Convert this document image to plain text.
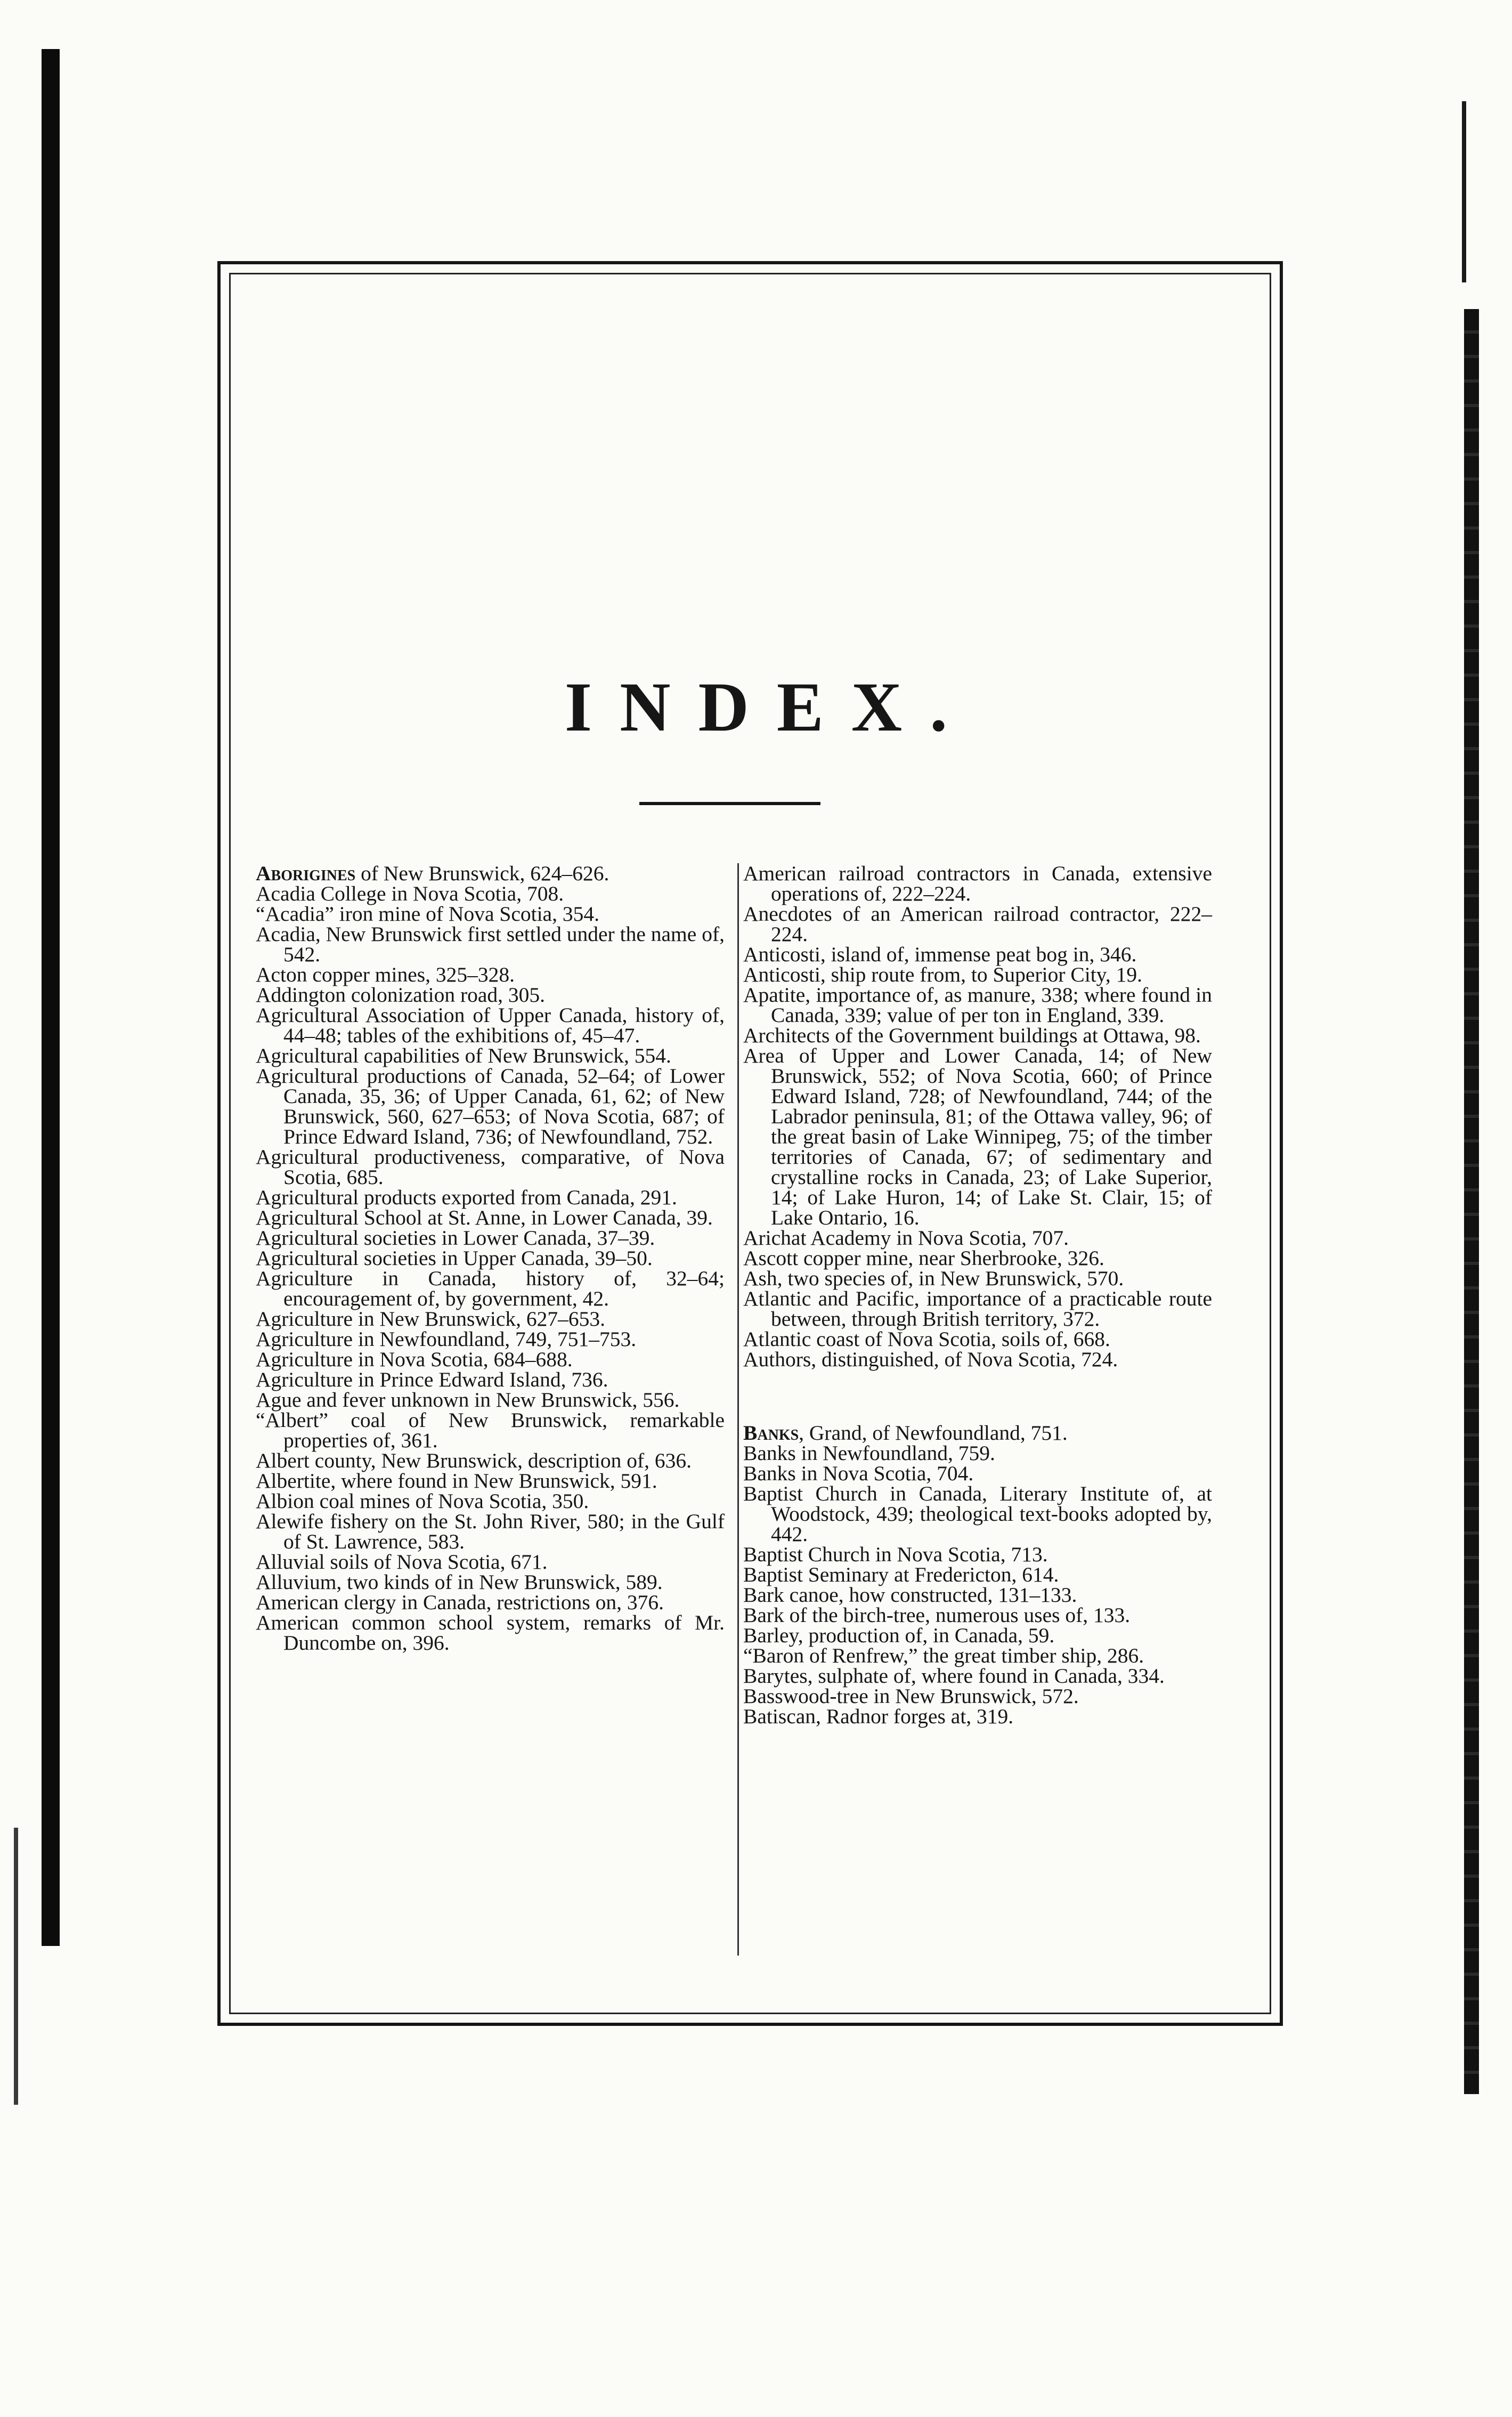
INDEX.

Aborigines of New Brunswick, 624–626.

Acadia College in Nova Scotia, 708.

“Acadia” iron mine of Nova Scotia, 354.

Acadia, New Brunswick first settled under the name of, 542.

Acton copper mines, 325–328.

Addington colonization road, 305.

Agricultural Association of Upper Canada, history of, 44–48; tables of the exhibitions of, 45–47.

Agricultural capabilities of New Brunswick, 554.

Agricultural productions of Canada, 52–64; of Lower Canada, 35, 36; of Upper Canada, 61, 62; of New Brunswick, 560, 627–653; of Nova Scotia, 687; of Prince Edward Island, 736; of Newfoundland, 752.

Agricultural productiveness, comparative, of Nova Scotia, 685.

Agricultural products exported from Canada, 291.

Agricultural School at St. Anne, in Lower Canada, 39.

Agricultural societies in Lower Canada, 37–39.

Agricultural societies in Upper Canada, 39–50.

Agriculture in Canada, history of, 32–64; encouragement of, by government, 42.

Agriculture in New Brunswick, 627–653.

Agriculture in Newfoundland, 749, 751–753.

Agriculture in Nova Scotia, 684–688.

Agriculture in Prince Edward Island, 736.

Ague and fever unknown in New Brunswick, 556.

“Albert” coal of New Brunswick, remarkable properties of, 361.

Albert county, New Brunswick, description of, 636.

Albertite, where found in New Brunswick, 591.

Albion coal mines of Nova Scotia, 350.

Alewife fishery on the St. John River, 580; in the Gulf of St. Lawrence, 583.

Alluvial soils of Nova Scotia, 671.

Alluvium, two kinds of in New Brunswick, 589.

American clergy in Canada, restrictions on, 376.

American common school system, remarks of Mr. Duncombe on, 396.

American railroad contractors in Canada, extensive operations of, 222–224.

Anecdotes of an American railroad contractor, 222–224.

Anticosti, island of, immense peat bog in, 346.

Anticosti, ship route from, to Superior City, 19.

Apatite, importance of, as manure, 338; where found in Canada, 339; value of per ton in England, 339.

Architects of the Government buildings at Ottawa, 98.

Area of Upper and Lower Canada, 14; of New Brunswick, 552; of Nova Scotia, 660; of Prince Edward Island, 728; of Newfoundland, 744; of the Labrador peninsula, 81; of the Ottawa valley, 96; of the great basin of Lake Winnipeg, 75; of the timber territories of Canada, 67; of sedimentary and crystalline rocks in Canada, 23; of Lake Superior, 14; of Lake Huron, 14; of Lake St. Clair, 15; of Lake Ontario, 16.

Arichat Academy in Nova Scotia, 707.

Ascott copper mine, near Sherbrooke, 326.

Ash, two species of, in New Brunswick, 570.

Atlantic and Pacific, importance of a practicable route between, through British territory, 372.

Atlantic coast of Nova Scotia, soils of, 668.

Authors, distinguished, of Nova Scotia, 724.

Banks, Grand, of Newfoundland, 751.

Banks in Newfoundland, 759.

Banks in Nova Scotia, 704.

Baptist Church in Canada, Literary Institute of, at Woodstock, 439; theological text-books adopted by, 442.

Baptist Church in Nova Scotia, 713.

Baptist Seminary at Fredericton, 614.

Bark canoe, how constructed, 131–133.

Bark of the birch-tree, numerous uses of, 133.

Barley, production of, in Canada, 59.

“Baron of Renfrew,” the great timber ship, 286.

Barytes, sulphate of, where found in Canada, 334.

Basswood-tree in New Brunswick, 572.

Batiscan, Radnor forges at, 319.
